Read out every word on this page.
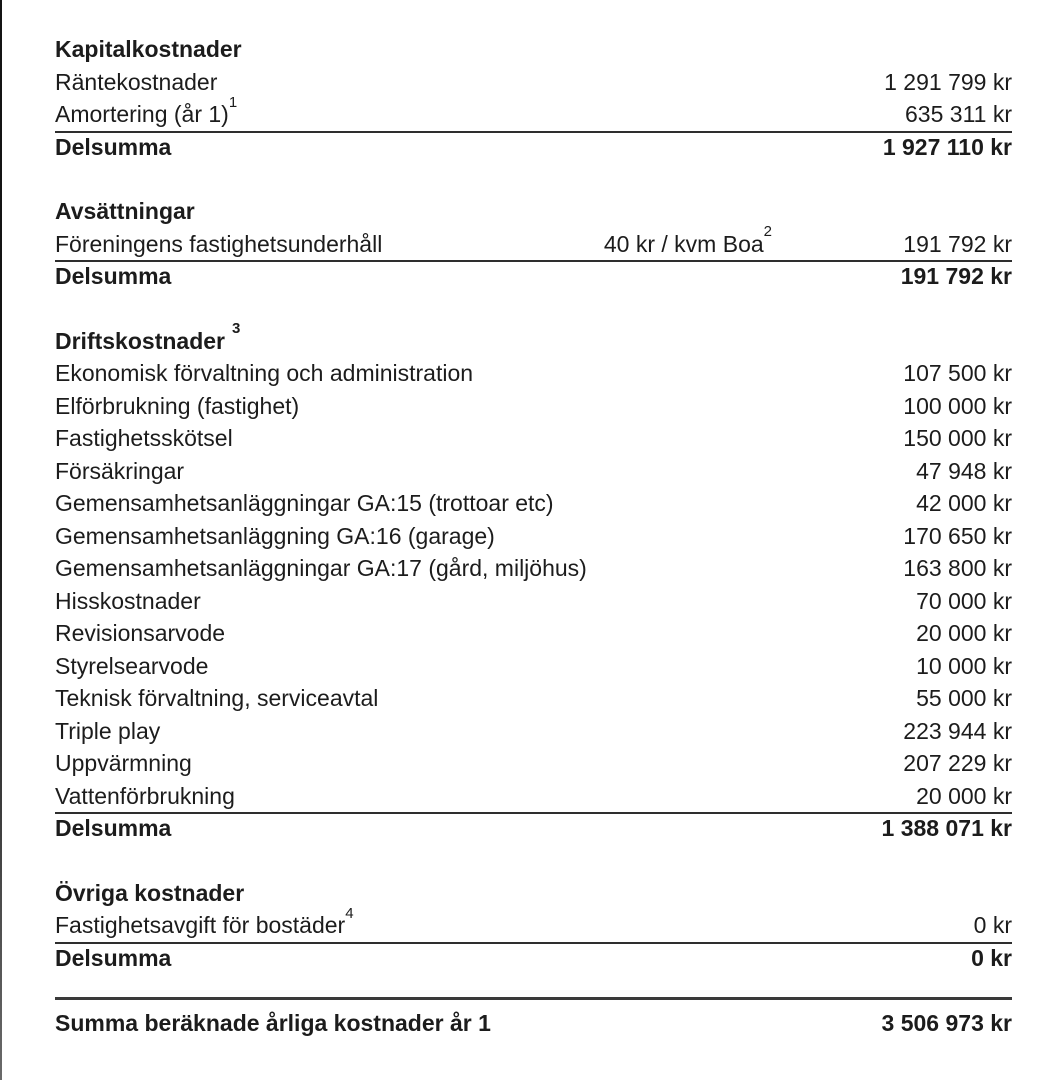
Kapitalkostnader
Räntekostnader	1 291 799 kr
Amortering (år 1)$^1$	635 311 kr
Delsumma	1 927 110 kr
Avsättningar
Föreningens fastighetsunderhåll	40 kr / kvm Boa$^2$	191 792 kr
Delsumma	191 792 kr
Driftskostnader $^3$
Ekonomisk förvaltning och administration	107 500 kr
Elförbrukning (fastighet)	100 000 kr
Fastighetsskötsel	150 000 kr
Försäkringar	47 948 kr
Gemensamhetsanläggningar GA:15 (trottoar etc)	42 000 kr
Gemensamhetsanläggning GA:16 (garage)	170 650 kr
Gemensamhetsanläggningar GA:17 (gård, miljöhus)	163 800 kr
Hisskostnader	70 000 kr
Revisionsarvode	20 000 kr
Styrelsearvode	10 000 kr
Teknisk förvaltning, serviceavtal	55 000 kr
Triple play	223 944 kr
Uppvärmning	207 229 kr
Vattenförbrukning	20 000 kr
Delsumma	1 388 071 kr
Övriga kostnader
Fastighetsavgift för bostäder$^4$	0 kr
Delsumma	0 kr
Summa beräknade årliga kostnader år 1	3 506 973 kr
